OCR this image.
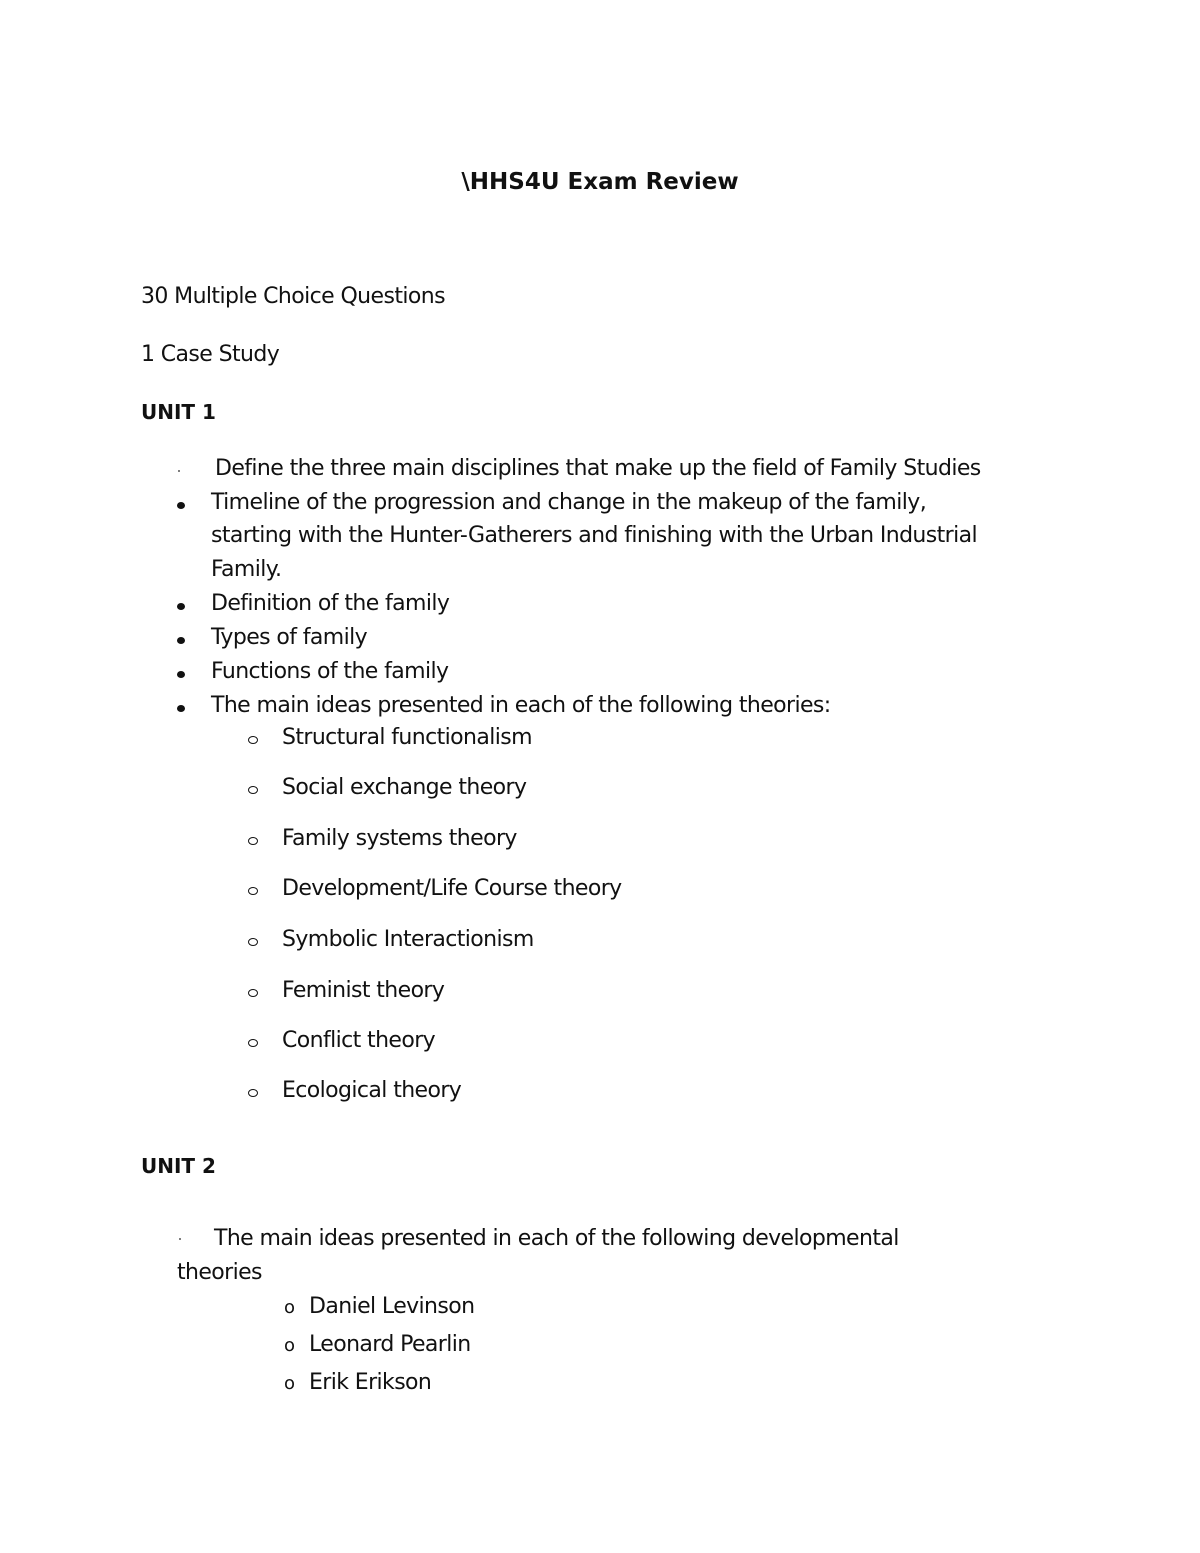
\HHS4U Exam Review
30 Multiple Choice Questions
1 Case Study
UNIT 1
Define the three main disciplines that make up the field of Family Studies
Timeline of the progression and change in the makeup of the family,
starting with the Hunter-Gatherers and finishing with the Urban Industrial
Family.
Definition of the family
Types of family
Functions of the family
The main ideas presented in each of the following theories:
Structural functionalism
Social exchange theory
Family systems theory
Development/Life Course theory
Symbolic Interactionism
Feminist theory
Conflict theory
Ecological theory
UNIT 2
The main ideas presented in each of the following developmental
theories
o Daniel Levinson
o Leonard Pearlin
o Erik Erikson
